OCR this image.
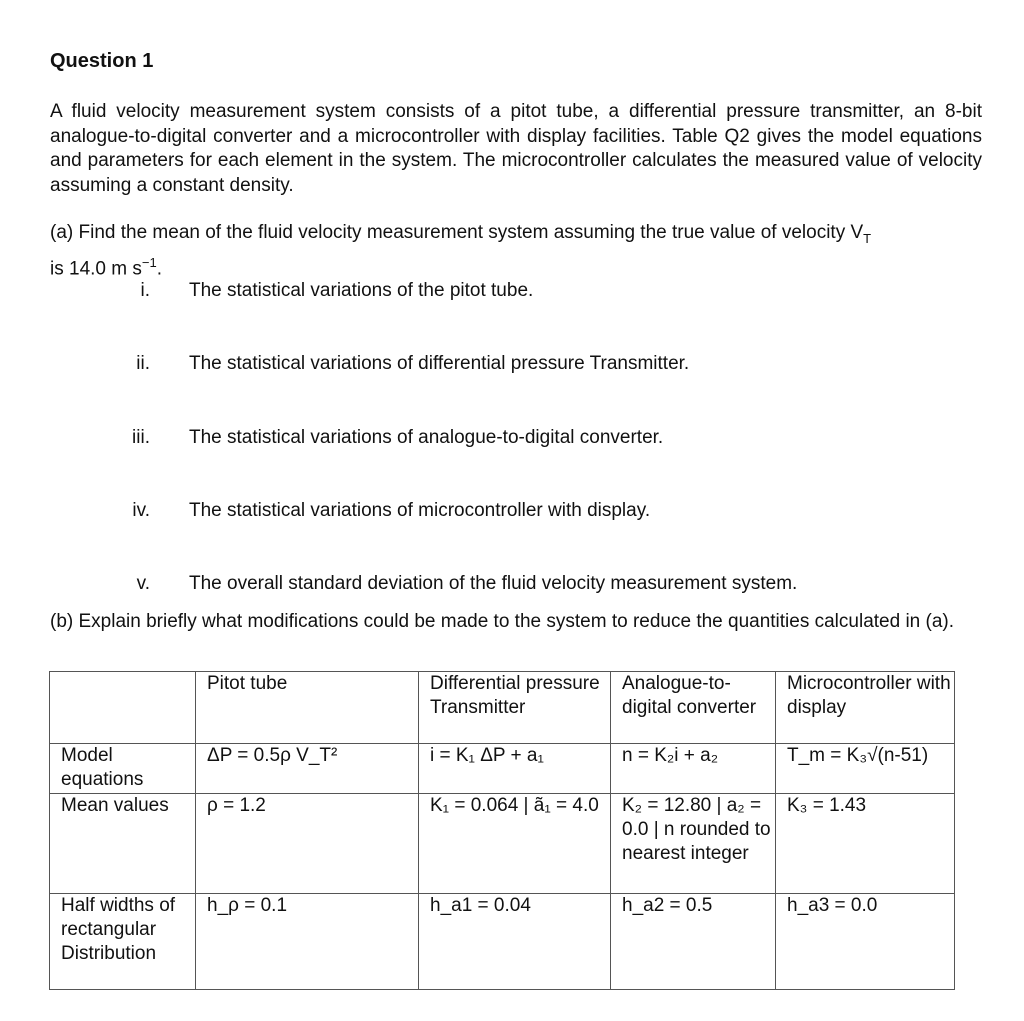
Question 1
A fluid velocity measurement system consists of a pitot tube, a differential pressure transmitter, an 8-bit analogue-to-digital converter and a microcontroller with display facilities. Table Q2 gives the model equations and parameters for each element in the system. The microcontroller calculates the measured value of velocity assuming a constant density.
(a) Find the mean of the fluid velocity measurement system assuming the true value of velocity $V_T$
is 14.0 m $s^{-1}$.
i. The statistical variations of the pitot tube.
ii. The statistical variations of differential pressure Transmitter.
iii. The statistical variations of analogue-to-digital converter.
iv. The statistical variations of microcontroller with display.
v. The overall standard deviation of the fluid velocity measurement system.
(b) Explain briefly what modifications could be made to the system to reduce the quantities calculated in (a).

	Pitot tube	Differential pressure Transmitter	Analogue-to-digital converter	Microcontroller with display

Model equations	ΔP = 0.5ρ V_T²	i = K₁ ΔP + a₁	n = K₂i + a₂	T_m = K₃√(n-51)

Mean values	ρ = 1.2	K₁ = 0.064 | ã₁ = 4.0	K₂ = 12.80 | a₂ = 0.0 | n rounded to nearest integer	K₃ = 1.43

Half widths of rectangular Distribution	h_ρ = 0.1	h_a1 = 0.04	h_a2 = 0.5	h_a3 = 0.0
